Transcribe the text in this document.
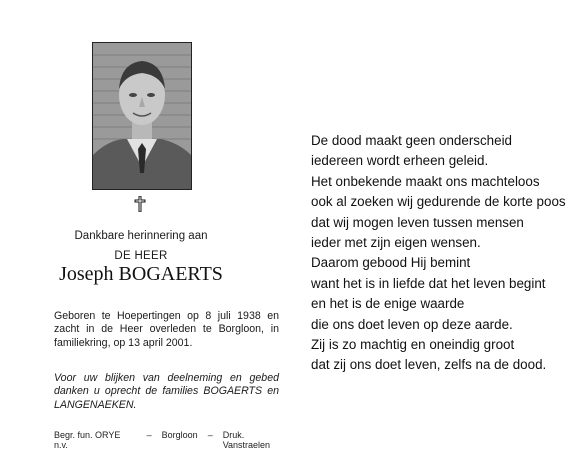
Dankbare herinnering aan
DE HEER
Joseph BOGAERTS
Geboren te Hoepertingen op 8 juli 1938 en zacht in de Heer overleden te Borgloon, in familiekring, op 13 april 2001.
Voor uw blijken van deelneming en gebed danken u oprecht de families BOGAERTS en LANGENAEKEN.
Begr. fun. ORYE n.v.
– Borgloon – Druk. Vanstraelen
De dood maakt geen onderscheid
iedereen wordt erheen geleid.
Het onbekende maakt ons machteloos
ook al zoeken wij gedurende de korte poos
dat wij mogen leven tussen mensen
ieder met zijn eigen wensen.
Daarom gebood Hij bemint
want het is in liefde dat het leven begint
en het is de enige waarde
die ons doet leven op deze aarde.
Zij is zo machtig en oneindig groot
dat zij ons doet leven, zelfs na de dood.
